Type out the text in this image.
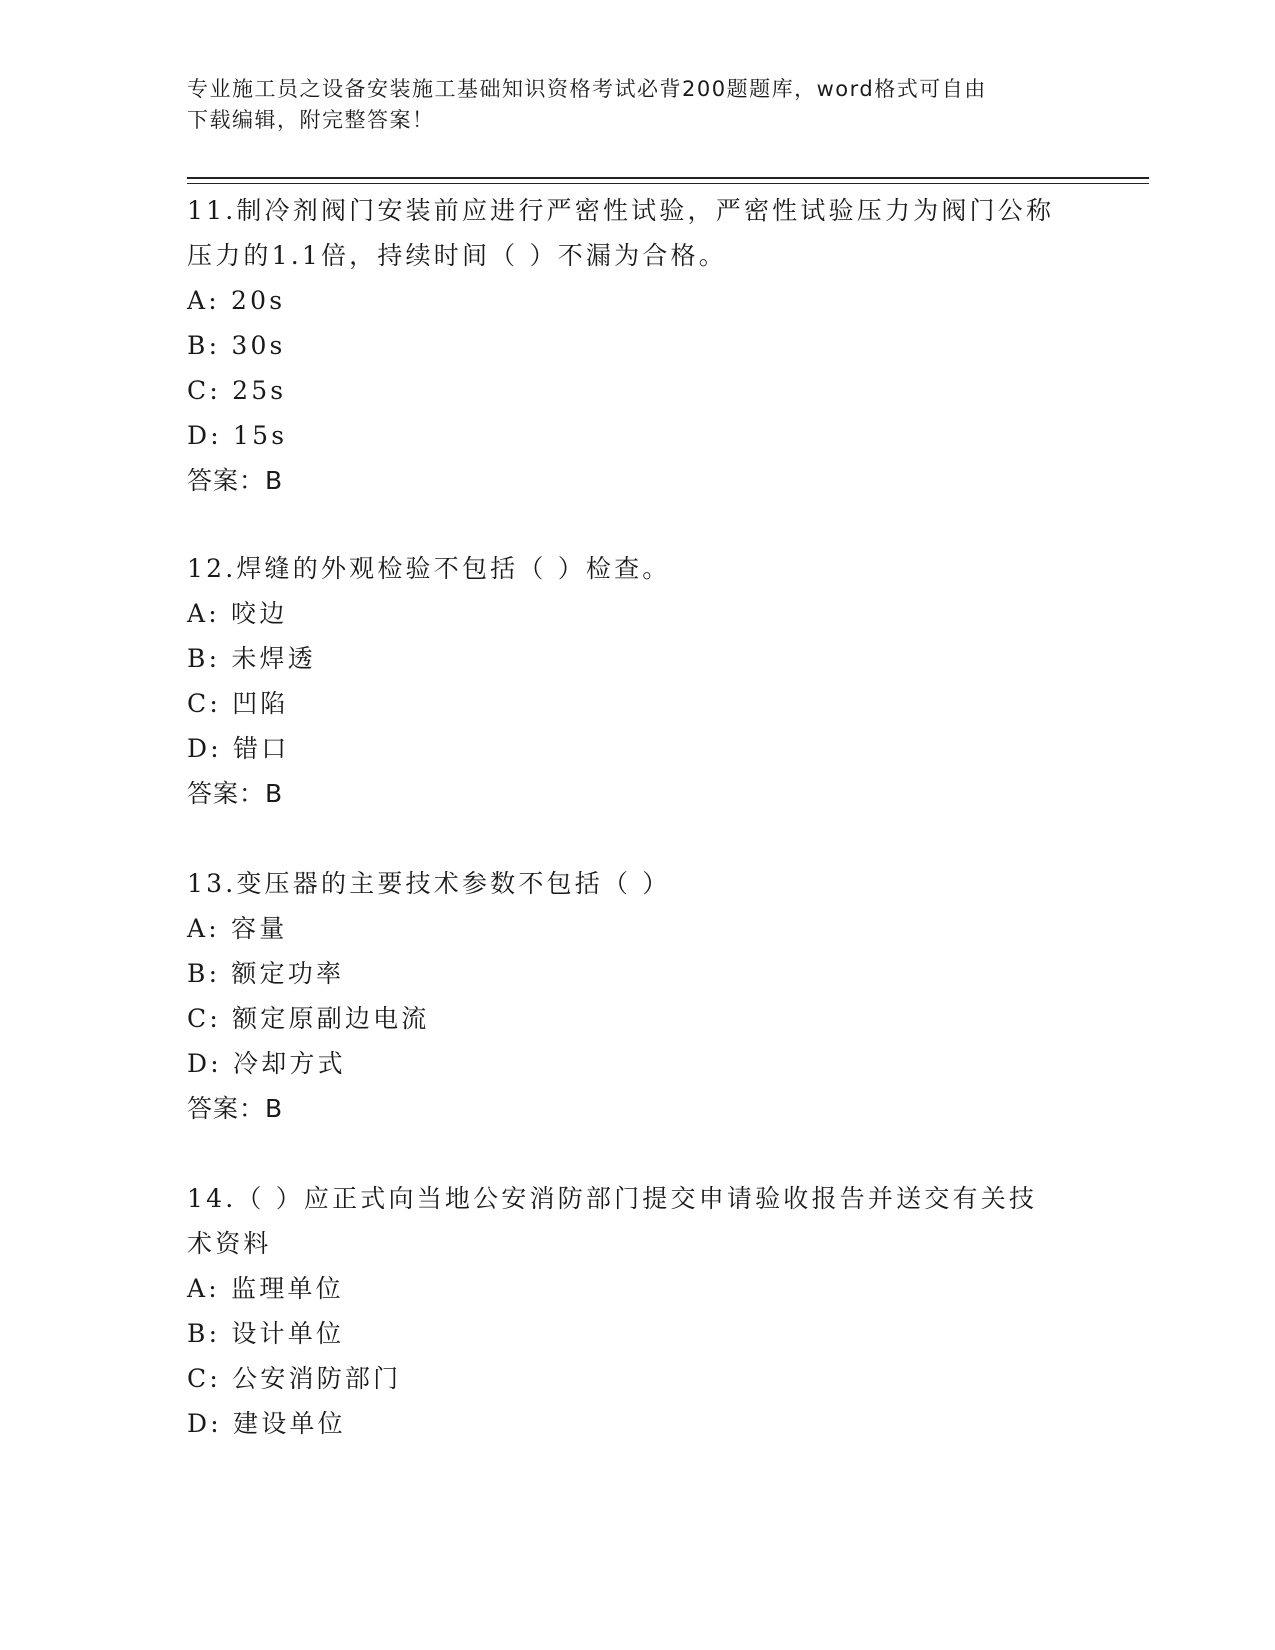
专业施工员之设备安装施工基础知识资格考试必背200题题库，word格式可自由
下载编辑，附完整答案！

11.制冷剂阀门安装前应进行严密性试验，严密性试验压力为阀门公称

压力的1.1倍，持续时间（ ）不漏为合格。

A: 20s

B: 30s

C: 25s

D: 15s

答案：B

12.焊缝的外观检验不包括（ ）检查。

A: 咬边

B: 未焊透

C: 凹陷

D: 错口

答案：B

13.变压器的主要技术参数不包括（ ）

A: 容量

B: 额定功率

C: 额定原副边电流

D: 冷却方式

答案：B

14.（ ）应正式向当地公安消防部门提交申请验收报告并送交有关技

术资料

A: 监理单位

B: 设计单位

C: 公安消防部门

D: 建设单位
